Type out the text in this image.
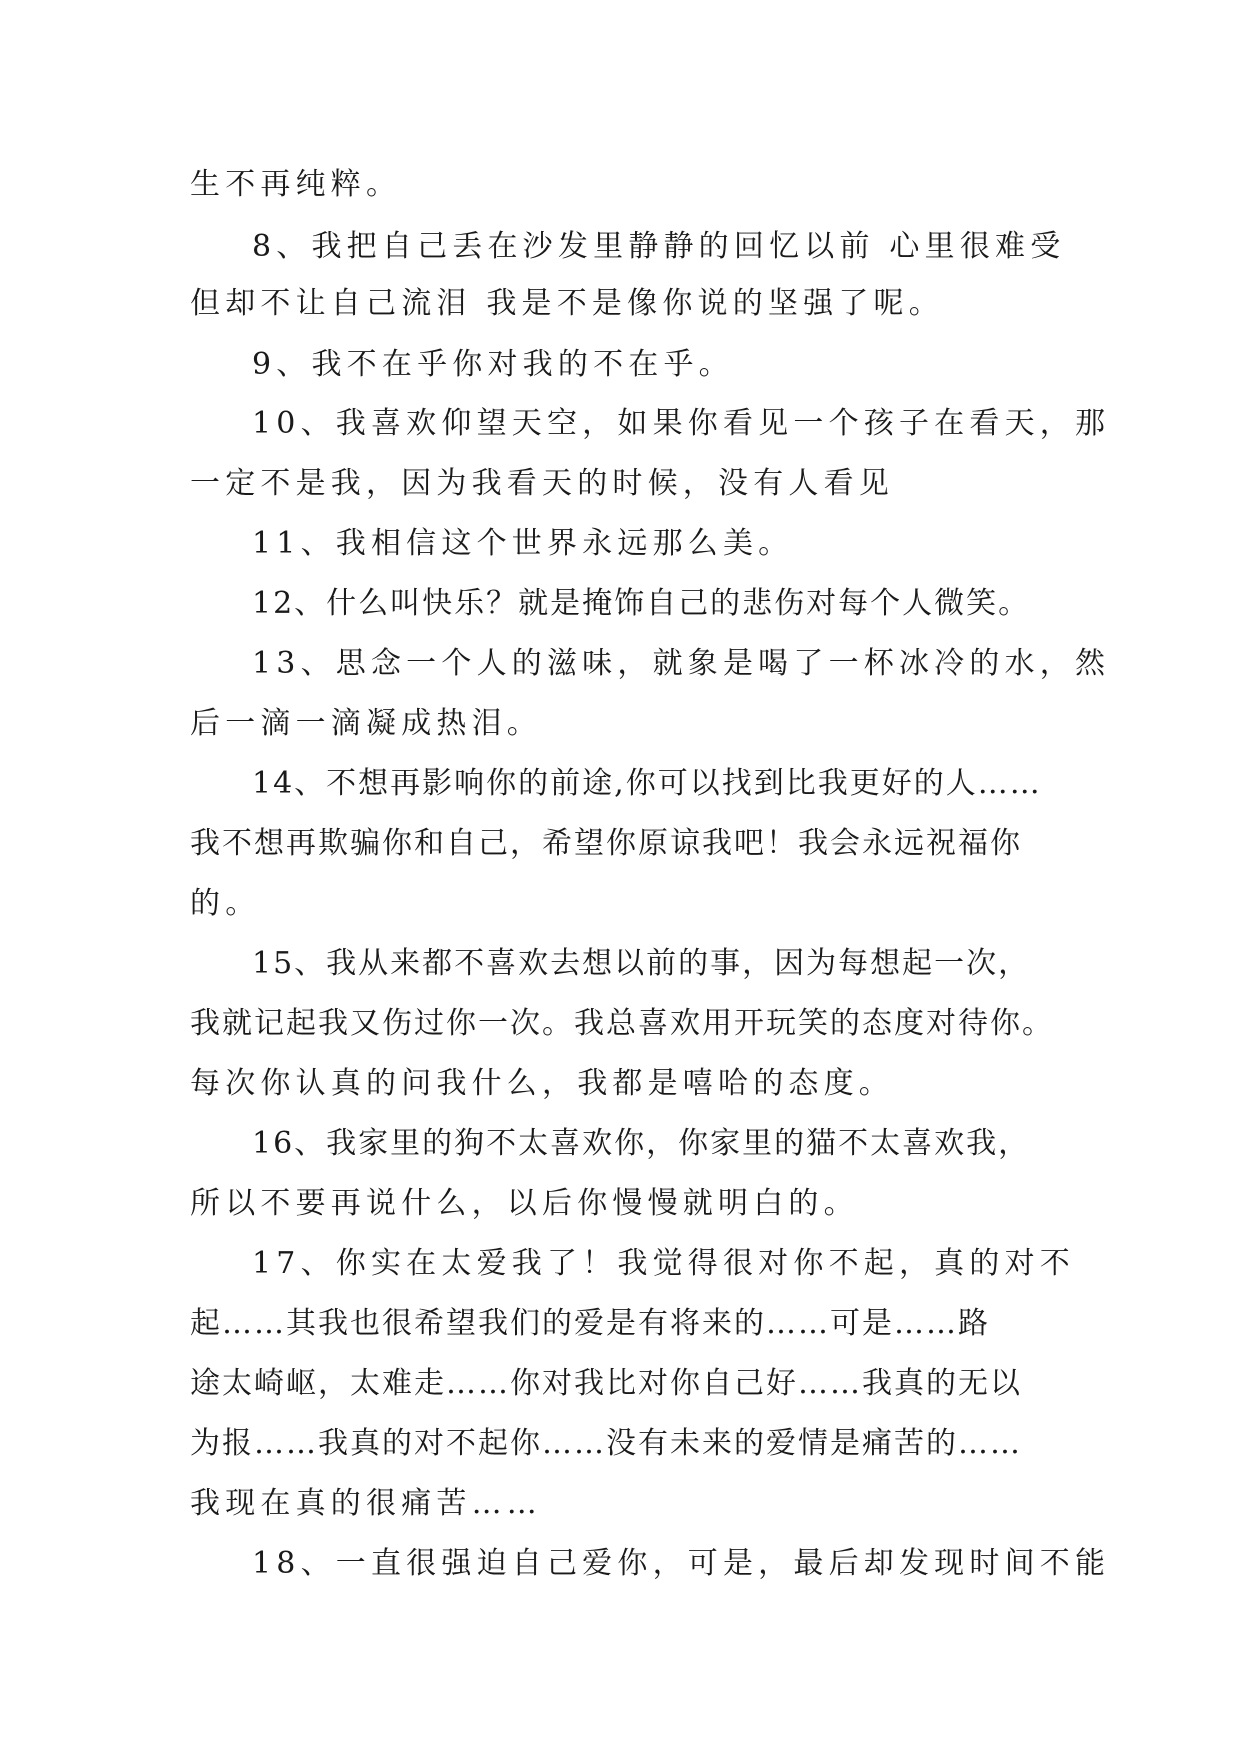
生不再纯粹。
8、我把自己丢在沙发里静静的回忆以前 心里很难受
但却不让自己流泪 我是不是像你说的坚强了呢。
9、我不在乎你对我的不在乎。
10、我喜欢仰望天空，如果你看见一个孩子在看天，那
一定不是我，因为我看天的时候，没有人看见
11、我相信这个世界永远那么美。
12、什么叫快乐？就是掩饰自己的悲伤对每个人微笑。
13、思念一个人的滋味，就象是喝了一杯冰冷的水，然
后一滴一滴凝成热泪。
14、不想再影响你的前途,你可以找到比我更好的人……
我不想再欺骗你和自己，希望你原谅我吧！我会永远祝福你
的。
15、我从来都不喜欢去想以前的事，因为每想起一次，
我就记起我又伤过你一次。我总喜欢用开玩笑的态度对待你。
每次你认真的问我什么，我都是嘻哈的态度。
16、我家里的狗不太喜欢你，你家里的猫不太喜欢我，
所以不要再说什么，以后你慢慢就明白的。
17、你实在太爱我了！我觉得很对你不起，真的对不
起……其我也很希望我们的爱是有将来的……可是……路
途太崎岖，太难走……你对我比对你自己好……我真的无以
为报……我真的对不起你……没有未来的爱情是痛苦的……
我现在真的很痛苦……
18、一直很强迫自己爱你，可是，最后却发现时间不能
